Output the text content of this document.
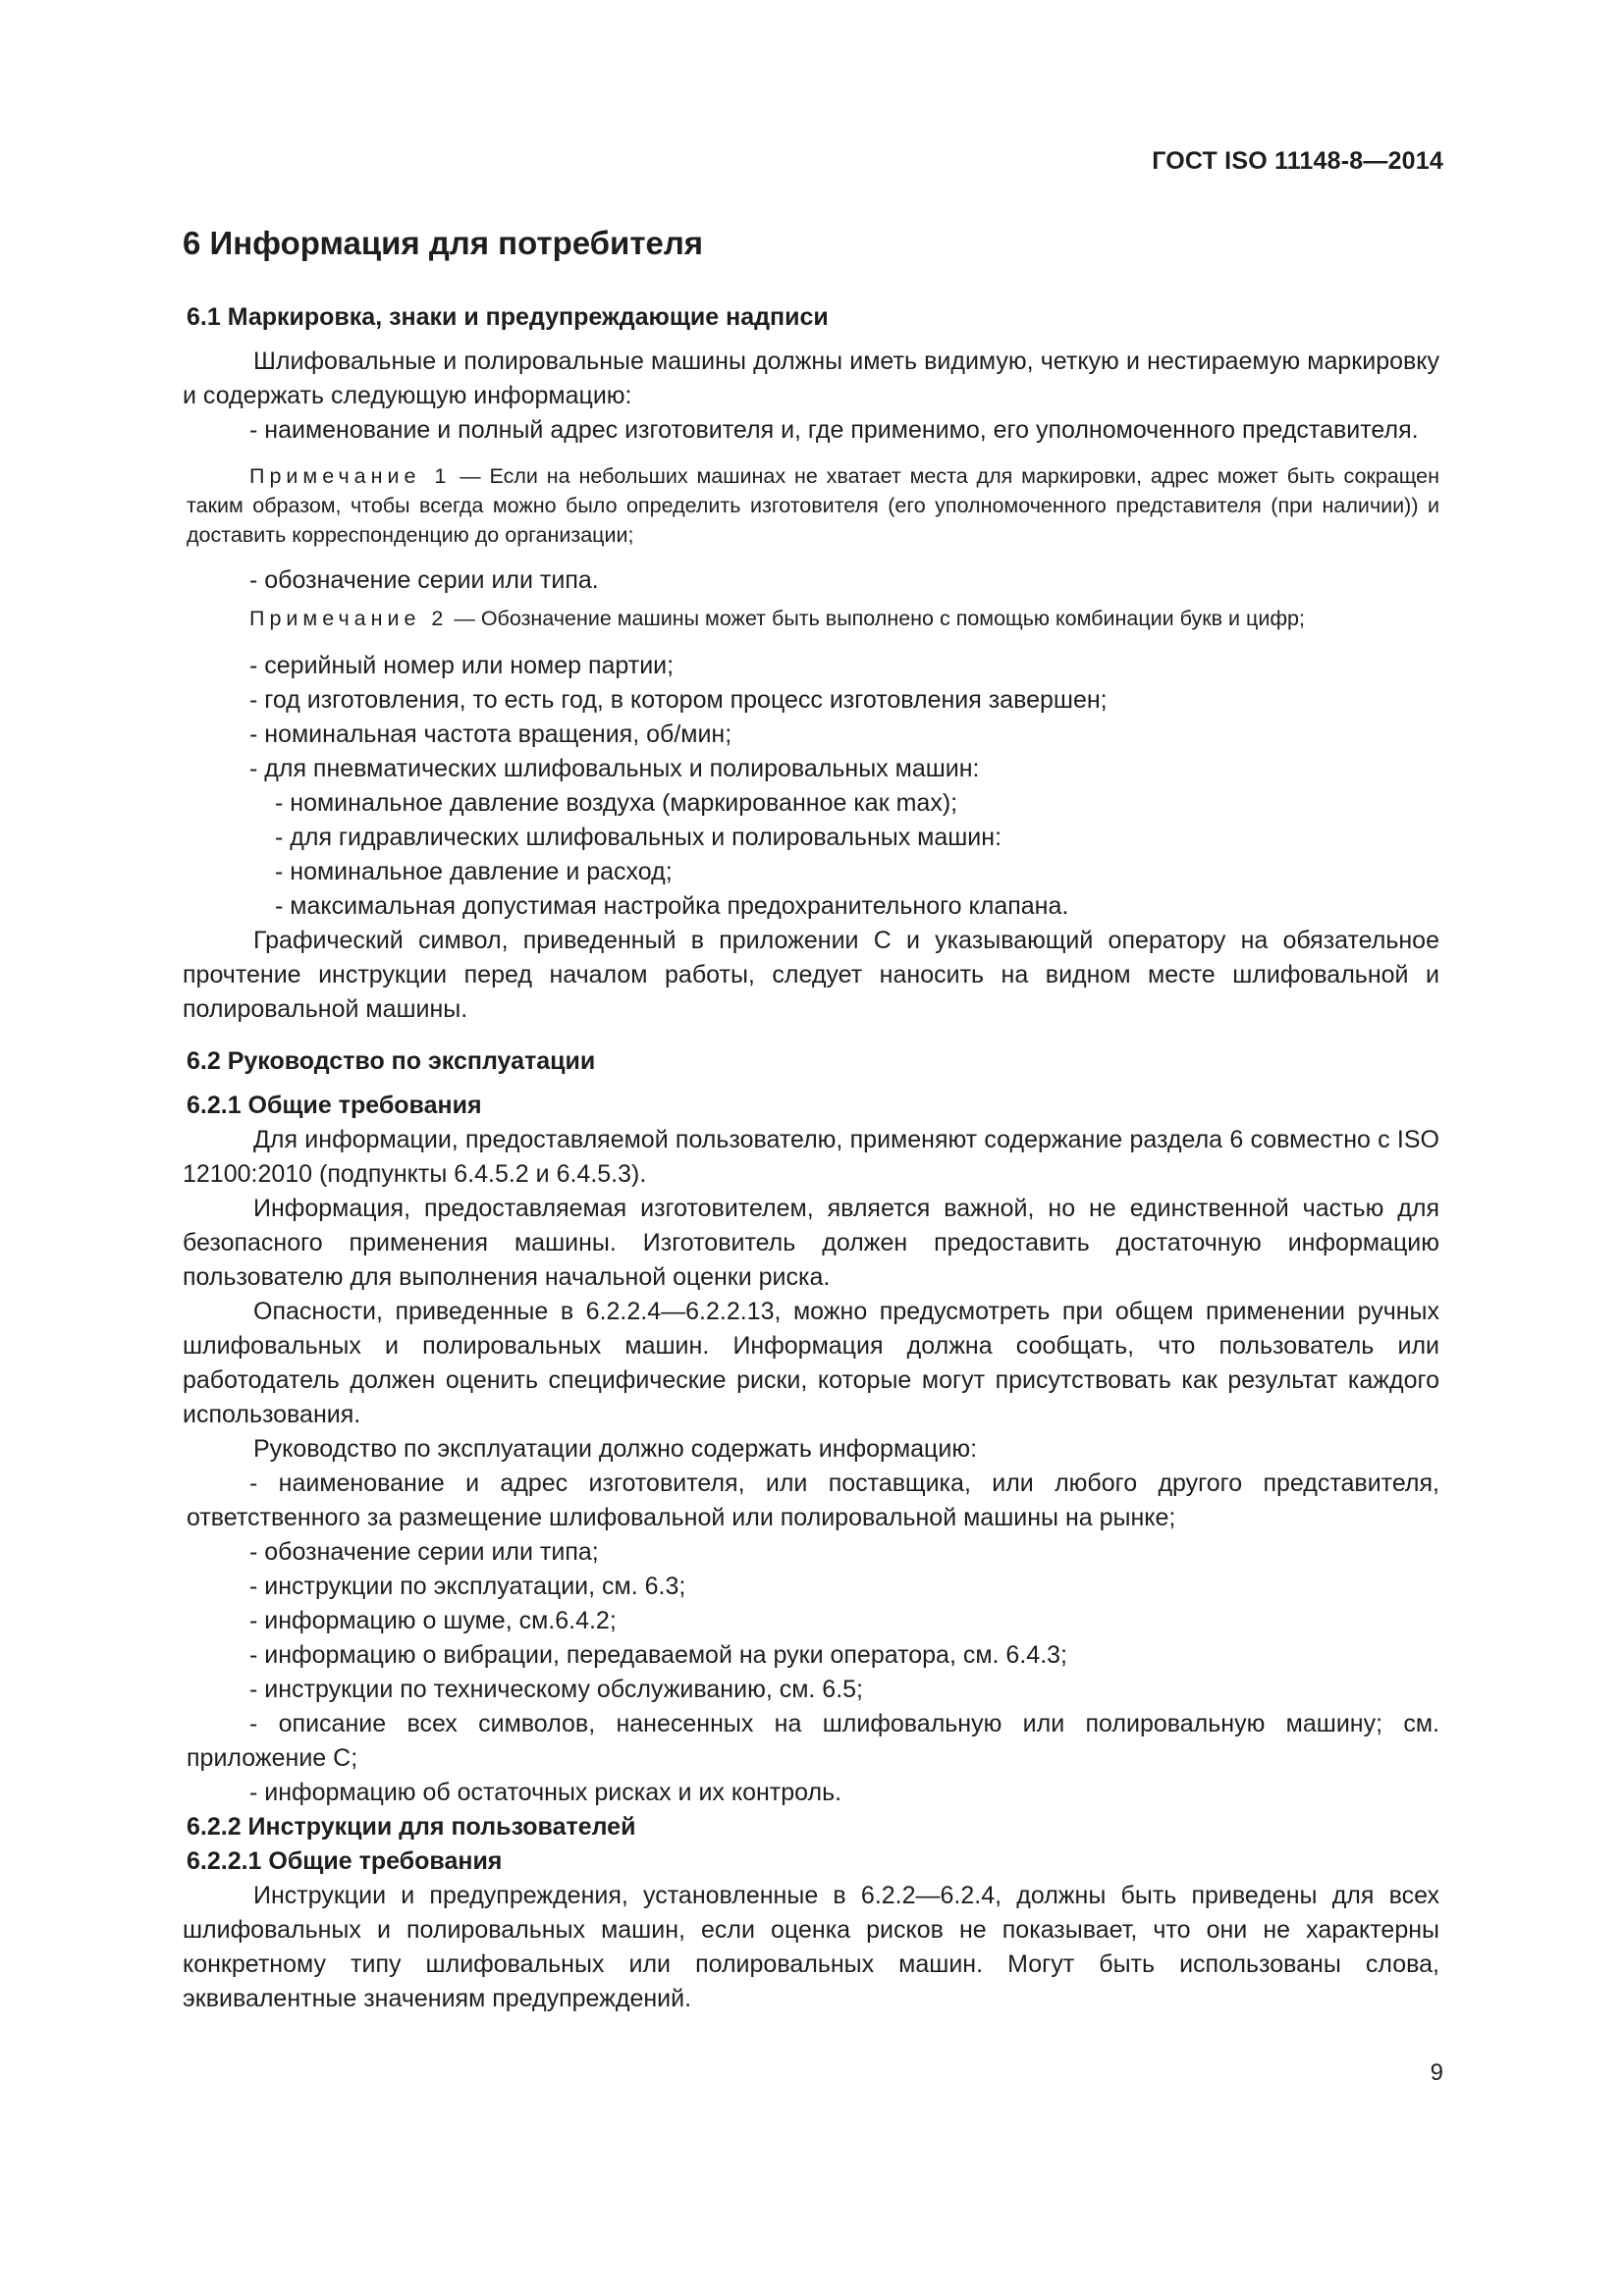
ГОСТ ISO 11148-8—2014
6 Информация для потребителя
6.1 Маркировка, знаки и предупреждающие надписи

Шлифовальные и полировальные машины должны иметь видимую, четкую и нестираемую маркировку и содержать следующую информацию:

- наименование и полный адрес изготовителя и, где применимо, его уполномоченного представителя.

Примечание 1 — Если на небольших машинах не хватает места для маркировки, адрес может быть сокращен таким образом, чтобы всегда можно было определить изготовителя (его уполномоченного представителя (при наличии)) и доставить корреспонденцию до организации;

- обозначение серии или типа.

Примечание 2 — Обозначение машины может быть выполнено с помощью комбинации букв и цифр;

- серийный номер или номер партии;

- год изготовления, то есть год, в котором процесс изготовления завершен;

- номинальная частота вращения, об/мин;

- для пневматических шлифовальных и полировальных машин:

- номинальное давление воздуха (маркированное как max);

- для гидравлических шлифовальных и полировальных машин:

- номинальное давление и расход;

- максимальная допустимая настройка предохранительного клапана.

Графический символ, приведенный в приложении С и указывающий оператору на обязательное прочтение инструкции перед началом работы, следует наносить на видном месте шлифовальной и полировальной машины.

6.2 Руководство по эксплуатации
6.2.1 Общие требования

Для информации, предоставляемой пользователю, применяют содержание раздела 6 совместно с ISO 12100:2010 (подпункты 6.4.5.2 и 6.4.5.3).

Информация, предоставляемая изготовителем, является важной, но не единственной частью для безопасного применения машины. Изготовитель должен предоставить достаточную информацию пользователю для выполнения начальной оценки риска.

Опасности, приведенные в 6.2.2.4—6.2.2.13, можно предусмотреть при общем применении ручных шлифовальных и полировальных машин. Информация должна сообщать, что пользователь или работодатель должен оценить специфические риски, которые могут присутствовать как результат каждого использования.

Руководство по эксплуатации должно содержать информацию:

- наименование и адрес изготовителя, или поставщика, или любого другого представителя, ответственного за размещение шлифовальной или полировальной машины на рынке;

- обозначение серии или типа;

- инструкции по эксплуатации, см. 6.3;

- информацию о шуме, см.6.4.2;

- информацию о вибрации, передаваемой на руки оператора, см. 6.4.3;

- инструкции по техническому обслуживанию, см. 6.5;

- описание всех символов, нанесенных на шлифовальную или полировальную машину; см. приложение С;

- информацию об остаточных рисках и их контроль.

6.2.2 Инструкции для пользователей
6.2.2.1 Общие требования

Инструкции и предупреждения, установленные в 6.2.2—6.2.4, должны быть приведены для всех шлифовальных и полировальных машин, если оценка рисков не показывает, что они не характерны конкретному типу шлифовальных или полировальных машин. Могут быть использованы слова, эквивалентные значениям предупреждений.

9
